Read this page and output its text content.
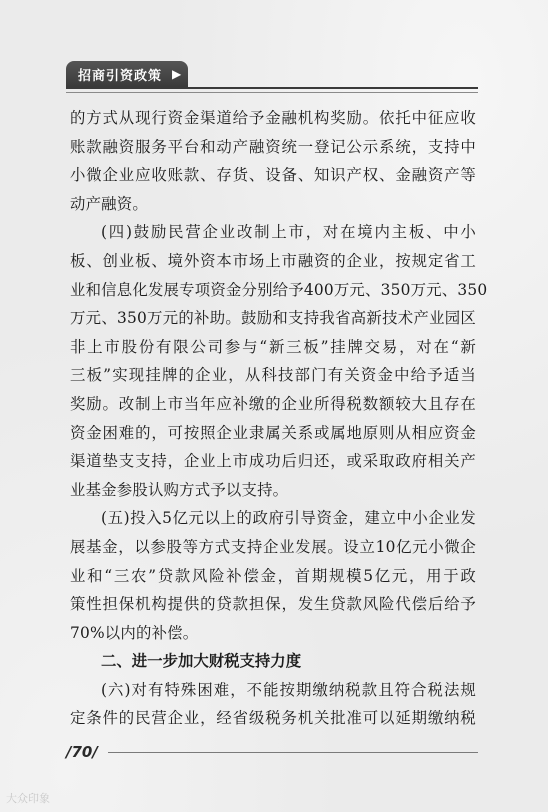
招商引资政策 ▶
的方式从现行资金渠道给予金融机构奖励。依托中征应收
账款融资服务平台和动产融资统一登记公示系统，支持中
小微企业应收账款、存货、设备、知识产权、金融资产等
动产融资。
(四)鼓励民营企业改制上市，对在境内主板、中小
板、创业板、境外资本市场上市融资的企业，按规定省工
业和信息化发展专项资金分别给予400万元、350万元、350
万元、350万元的补助。鼓励和支持我省高新技术产业园区
非上市股份有限公司参与“新三板”挂牌交易，对在“新
三板”实现挂牌的企业，从科技部门有关资金中给予适当
奖励。改制上市当年应补缴的企业所得税数额较大且存在
资金困难的，可按照企业隶属关系或属地原则从相应资金
渠道垫支支持，企业上市成功后归还，或采取政府相关产
业基金参股认购方式予以支持。
(五)投入5亿元以上的政府引导资金，建立中小企业发
展基金，以参股等方式支持企业发展。设立10亿元小微企
业和“三农”贷款风险补偿金，首期规模5亿元，用于政
策性担保机构提供的贷款担保，发生贷款风险代偿后给予
70%以内的补偿。
二、进一步加大财税支持力度
(六)对有特殊困难，不能按期缴纳税款且符合税法规
定条件的民营企业，经省级税务机关批准可以延期缴纳税
/70/
大众印象
